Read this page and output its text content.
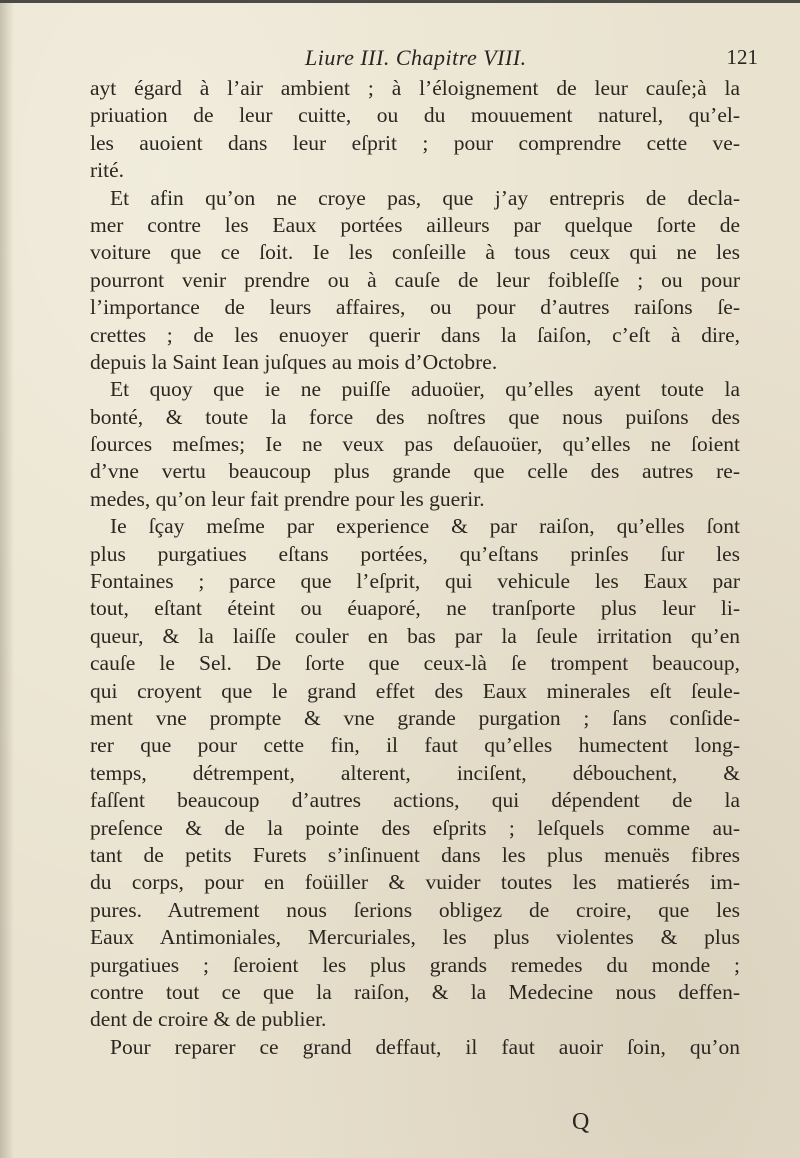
Liure III. Chapitre VIII.	121
ayt égard à l’air ambient ; à l’éloignement de leur cauſe;à la
priuation de leur cuitte, ou du mouuement naturel, qu’el-
les auoient dans leur eſprit ; pour comprendre cette ve-
rité.
Et afin qu’on ne croye pas, que j’ay entrepris de decla-
mer contre les Eaux portées ailleurs par quelque ſorte de
voiture que ce ſoit. Ie les conſeille à tous ceux qui ne les
pourront venir prendre ou à cauſe de leur foibleſſe ; ou pour
l’importance de leurs affaires, ou pour d’autres raiſons ſe-
crettes ; de les enuoyer querir dans la ſaiſon, c’eſt à dire,
depuis la Saint Iean juſques au mois d’Octobre.
Et quoy que ie ne puiſſe aduoüer, qu’elles ayent toute la
bonté, & toute la force des noſtres que nous puiſons des
ſources meſmes; Ie ne veux pas deſauoüer, qu’elles ne ſoient
d’vne vertu beaucoup plus grande que celle des autres re-
medes, qu’on leur fait prendre pour les guerir.
Ie ſçay meſme par experience & par raiſon, qu’elles ſont
plus purgatiues eſtans portées, qu’eſtans prinſes ſur les
Fontaines ; parce que l’eſprit, qui vehicule les Eaux par
tout, eſtant éteint ou éuaporé, ne tranſporte plus leur li-
queur, & la laiſſe couler en bas par la ſeule irritation qu’en
cauſe le Sel. De ſorte que ceux-là ſe trompent beaucoup,
qui croyent que le grand effet des Eaux minerales eſt ſeule-
ment vne prompte & vne grande purgation ; ſans conſide-
rer que pour cette fin, il faut qu’elles humectent long-
temps, détrempent, alterent, inciſent, débouchent, &
faſſent beaucoup d’autres actions, qui dépendent de la
preſence & de la pointe des eſprits ; leſquels comme au-
tant de petits Furets s’inſinuent dans les plus menuës fibres
du corps, pour en foüiller & vuider toutes les matierés im-
pures. Autrement nous ſerions obligez de croire, que les
Eaux Antimoniales, Mercuriales, les plus violentes & plus
purgatiues ; ſeroient les plus grands remedes du monde ;
contre tout ce que la raiſon, & la Medecine nous deffen-
dent de croire & de publier.
Pour reparer ce grand deffaut, il faut auoir ſoin, qu’on
Q
